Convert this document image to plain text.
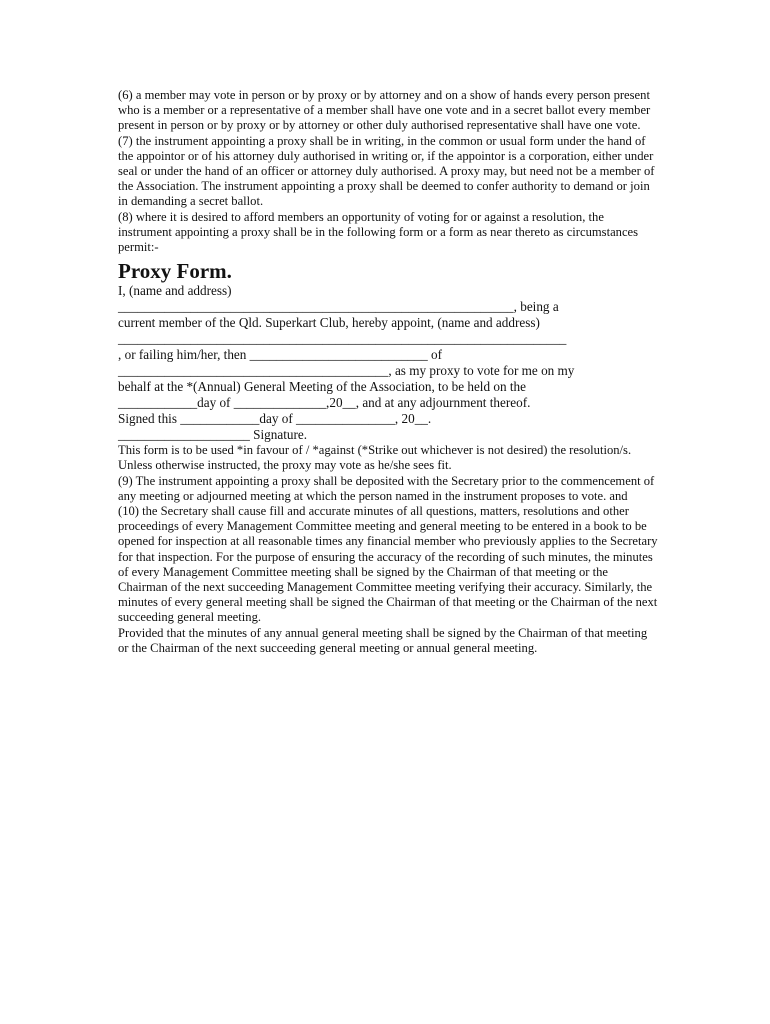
(6) a member may vote in person or by proxy or by attorney and on a show of hands every person present who is a member or a representative of a member shall have one vote and in a secret ballot every member present in person or by proxy or by attorney or other duly authorised representative shall have one vote.

(7) the instrument appointing a proxy shall be in writing, in the common or usual form under the hand of the appointor or of his attorney duly authorised in writing or, if the appointor is a corporation, either under seal or under the hand of an officer or attorney duly authorised. A proxy may, but need not be a member of the Association. The instrument appointing a proxy shall be deemed to confer authority to demand or join in demanding a secret ballot.

(8) where it is desired to afford members an opportunity of voting for or against a resolution, the instrument appointing a proxy shall be in the following form or a form as near thereto as circumstances permit:-

Proxy Form.

I, (name and address)

____________________________________________________________, being a

current member of the Qld. Superkart Club, hereby appoint, (name and address)

____________________________________________________________________

, or failing him/her, then ___________________________ of

_________________________________________, as my proxy to vote for me on my

behalf at the *(Annual) General Meeting of the Association, to be held on the

____________day of ______________,20__, and at any adjournment thereof.

Signed this ____________day of _______________, 20__.

____________________ Signature.

This form is to be used *in favour of / *against (*Strike out whichever is not desired) the resolution/s. Unless otherwise instructed, the proxy may vote as he/she sees fit.

(9) The instrument appointing a proxy shall be deposited with the Secretary prior to the commencement of any meeting or adjourned meeting at which the person named in the instrument proposes to vote. and

(10) the Secretary shall cause fill and accurate minutes of all questions, matters, resolutions and other proceedings of every Management Committee meeting and general meeting to be entered in a book to be opened for inspection at all reasonable times any financial member who previously applies to the Secretary for that inspection. For the purpose of ensuring the accuracy of the recording of such minutes, the minutes of every Management Committee meeting shall be signed by the Chairman of that meeting or the Chairman of the next succeeding Management Committee meeting verifying their accuracy. Similarly, the minutes of every general meeting shall be signed the Chairman of that meeting or the Chairman of the next succeeding general meeting.

Provided that the minutes of any annual general meeting shall be signed by the Chairman of that meeting or the Chairman of the next succeeding general meeting or annual general meeting.
